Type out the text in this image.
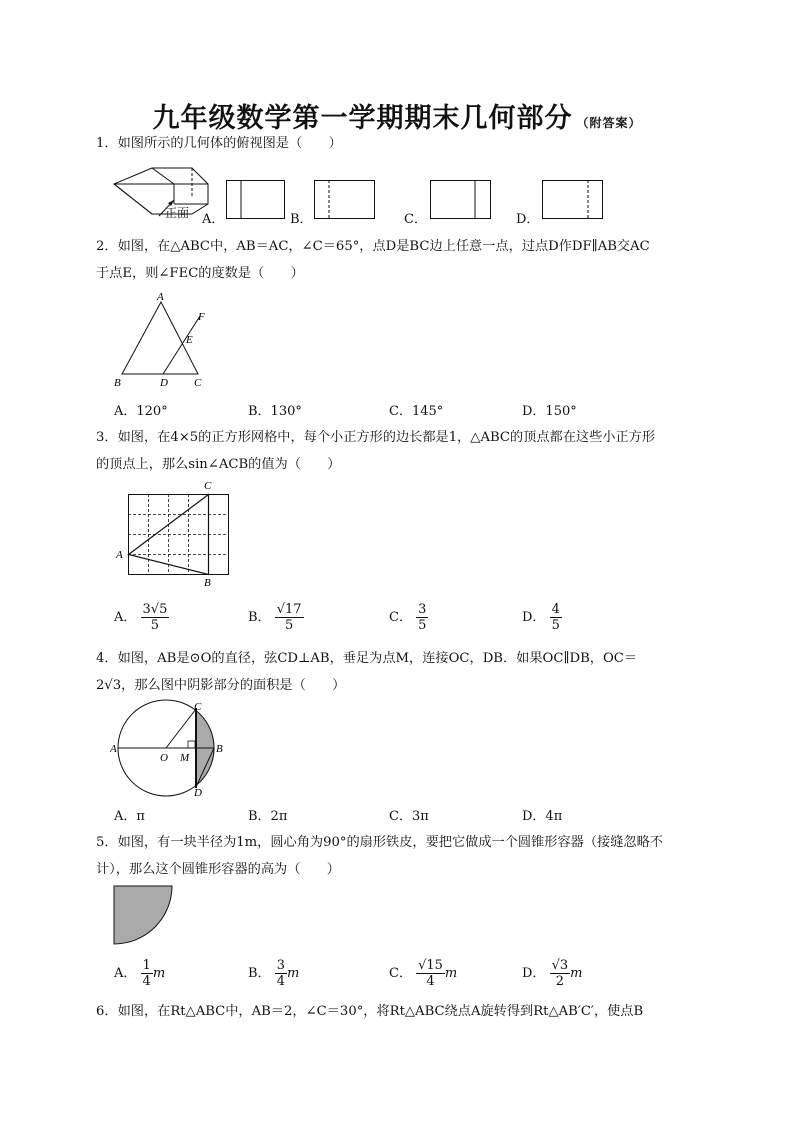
九年级数学第一学期期末几何部分 （附答案）
1．如图所示的几何体的俯视图是（　　）
正面 A．	B．	C．	D．
2．如图，在△ABC中，AB＝AC，∠C＝65°，点D是BC边上任意一点，过点D作DF∥AB交AC
于点E，则∠FEC的度数是（　　）
A
B	D C
E
F
A．120°	B．130°	C．145°	D．150°
3．如图，在4×5的正方形网格中，每个小正方形的边长都是1，△ABC的顶点都在这些小正方形
的顶点上，那么sin∠ACB的值为（　　）
A
C
B
A． $\frac{3√5}{5}$	B． $\frac{√17}{5}$	C． $\frac{3}{5}$	D． $\frac{4}{5}$
4．如图，AB是⊙O的直径，弦CD⊥AB，垂足为点M，连接OC，DB．如果OC∥DB，OC＝
2√3，那么图中阴影部分的面积是（　　）
A	B
C
D
O M
A．π	B．2π	C．3π	D．4π
5．如图，有一块半径为1m，圆心角为90°的扇形铁皮，要把它做成一个圆锥形容器（接缝忽略不
计），那么这个圆锥形容器的高为（　　）
A． $\frac{1}{4}$ m	B． $\frac{3}{4}$ m	C． $\frac{√15}{4}$ m	D． $\frac{√3}{2}$ m
6．如图，在Rt△ABC中，AB＝2，∠C＝30°，将Rt△ABC绕点A旋转得到Rt△AB′C′，使点B
